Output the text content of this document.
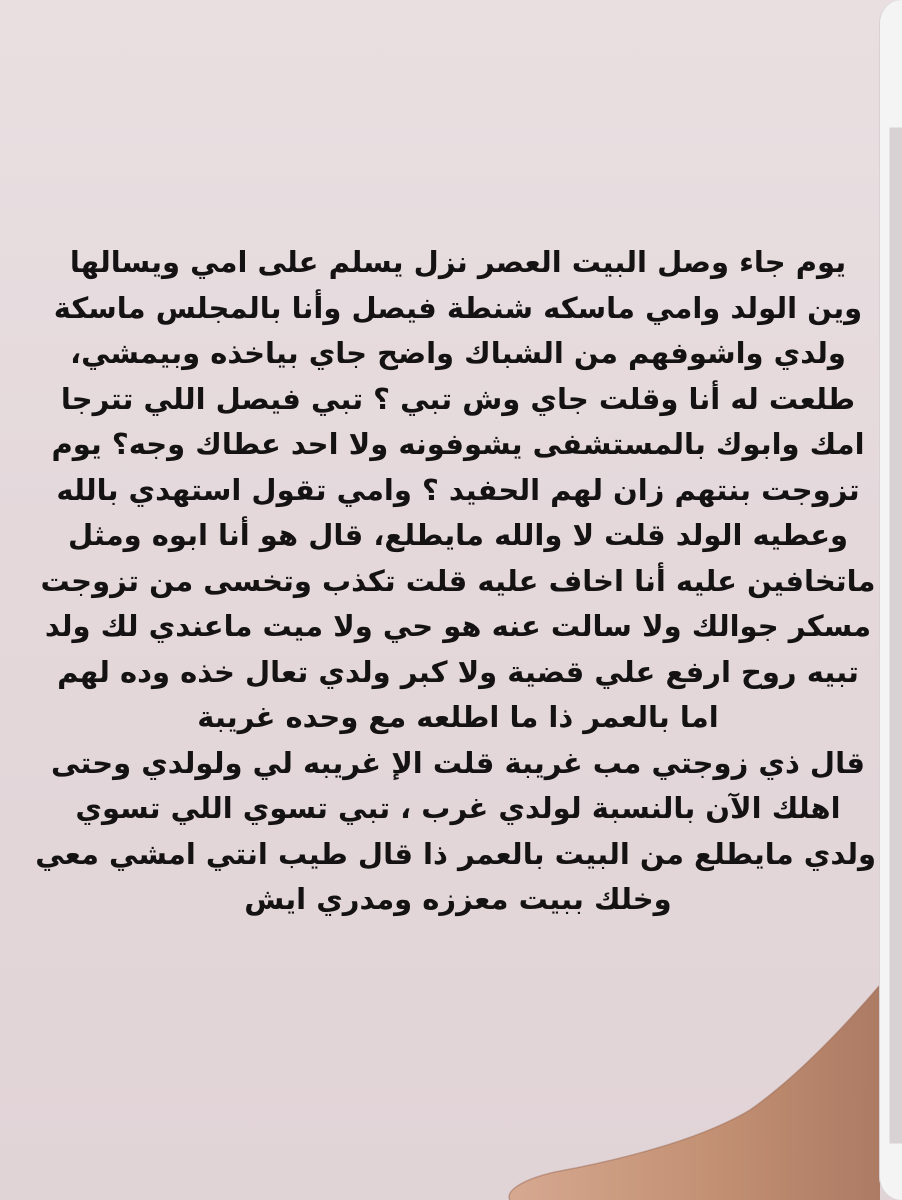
يوم جاء وصل البيت العصر نزل يسلم على امي ويسالها
وين الولد وامي ماسكه شنطة فيصل وأنا بالمجلس ماسكة
ولدي واشوفهم من الشباك واضح جاي بياخذه وبيمشي،
طلعت له أنا وقلت جاي وش تبي ؟ تبي فيصل اللي تترجا
امك وابوك بالمستشفى يشوفونه ولا احد عطاك وجه؟ يوم
تزوجت بنتهم زان لهم الحفيد ؟ وامي تقول استهدي بالله
وعطيه الولد قلت لا والله مايطلع، قال هو أنا ابوه ومثل
ماتخافين عليه أنا اخاف عليه قلت تكذب وتخسى من تزوجت
مسكر جوالك ولا سالت عنه هو حي ولا ميت ماعندي لك ولد
تبيه روح ارفع علي قضية ولا كبر ولدي تعال خذه وده لهم
اما بالعمر ذا ما اطلعه مع وحده غريبة
قال ذي زوجتي مب غريبة قلت الإ غريبه لي ولولدي وحتى
اهلك الآن بالنسبة لولدي غرب ، تبي تسوي اللي تسوي
ولدي مايطلع من البيت بالعمر ذا قال طيب انتي امشي معي
وخلك ببيت معززه ومدري ايش
